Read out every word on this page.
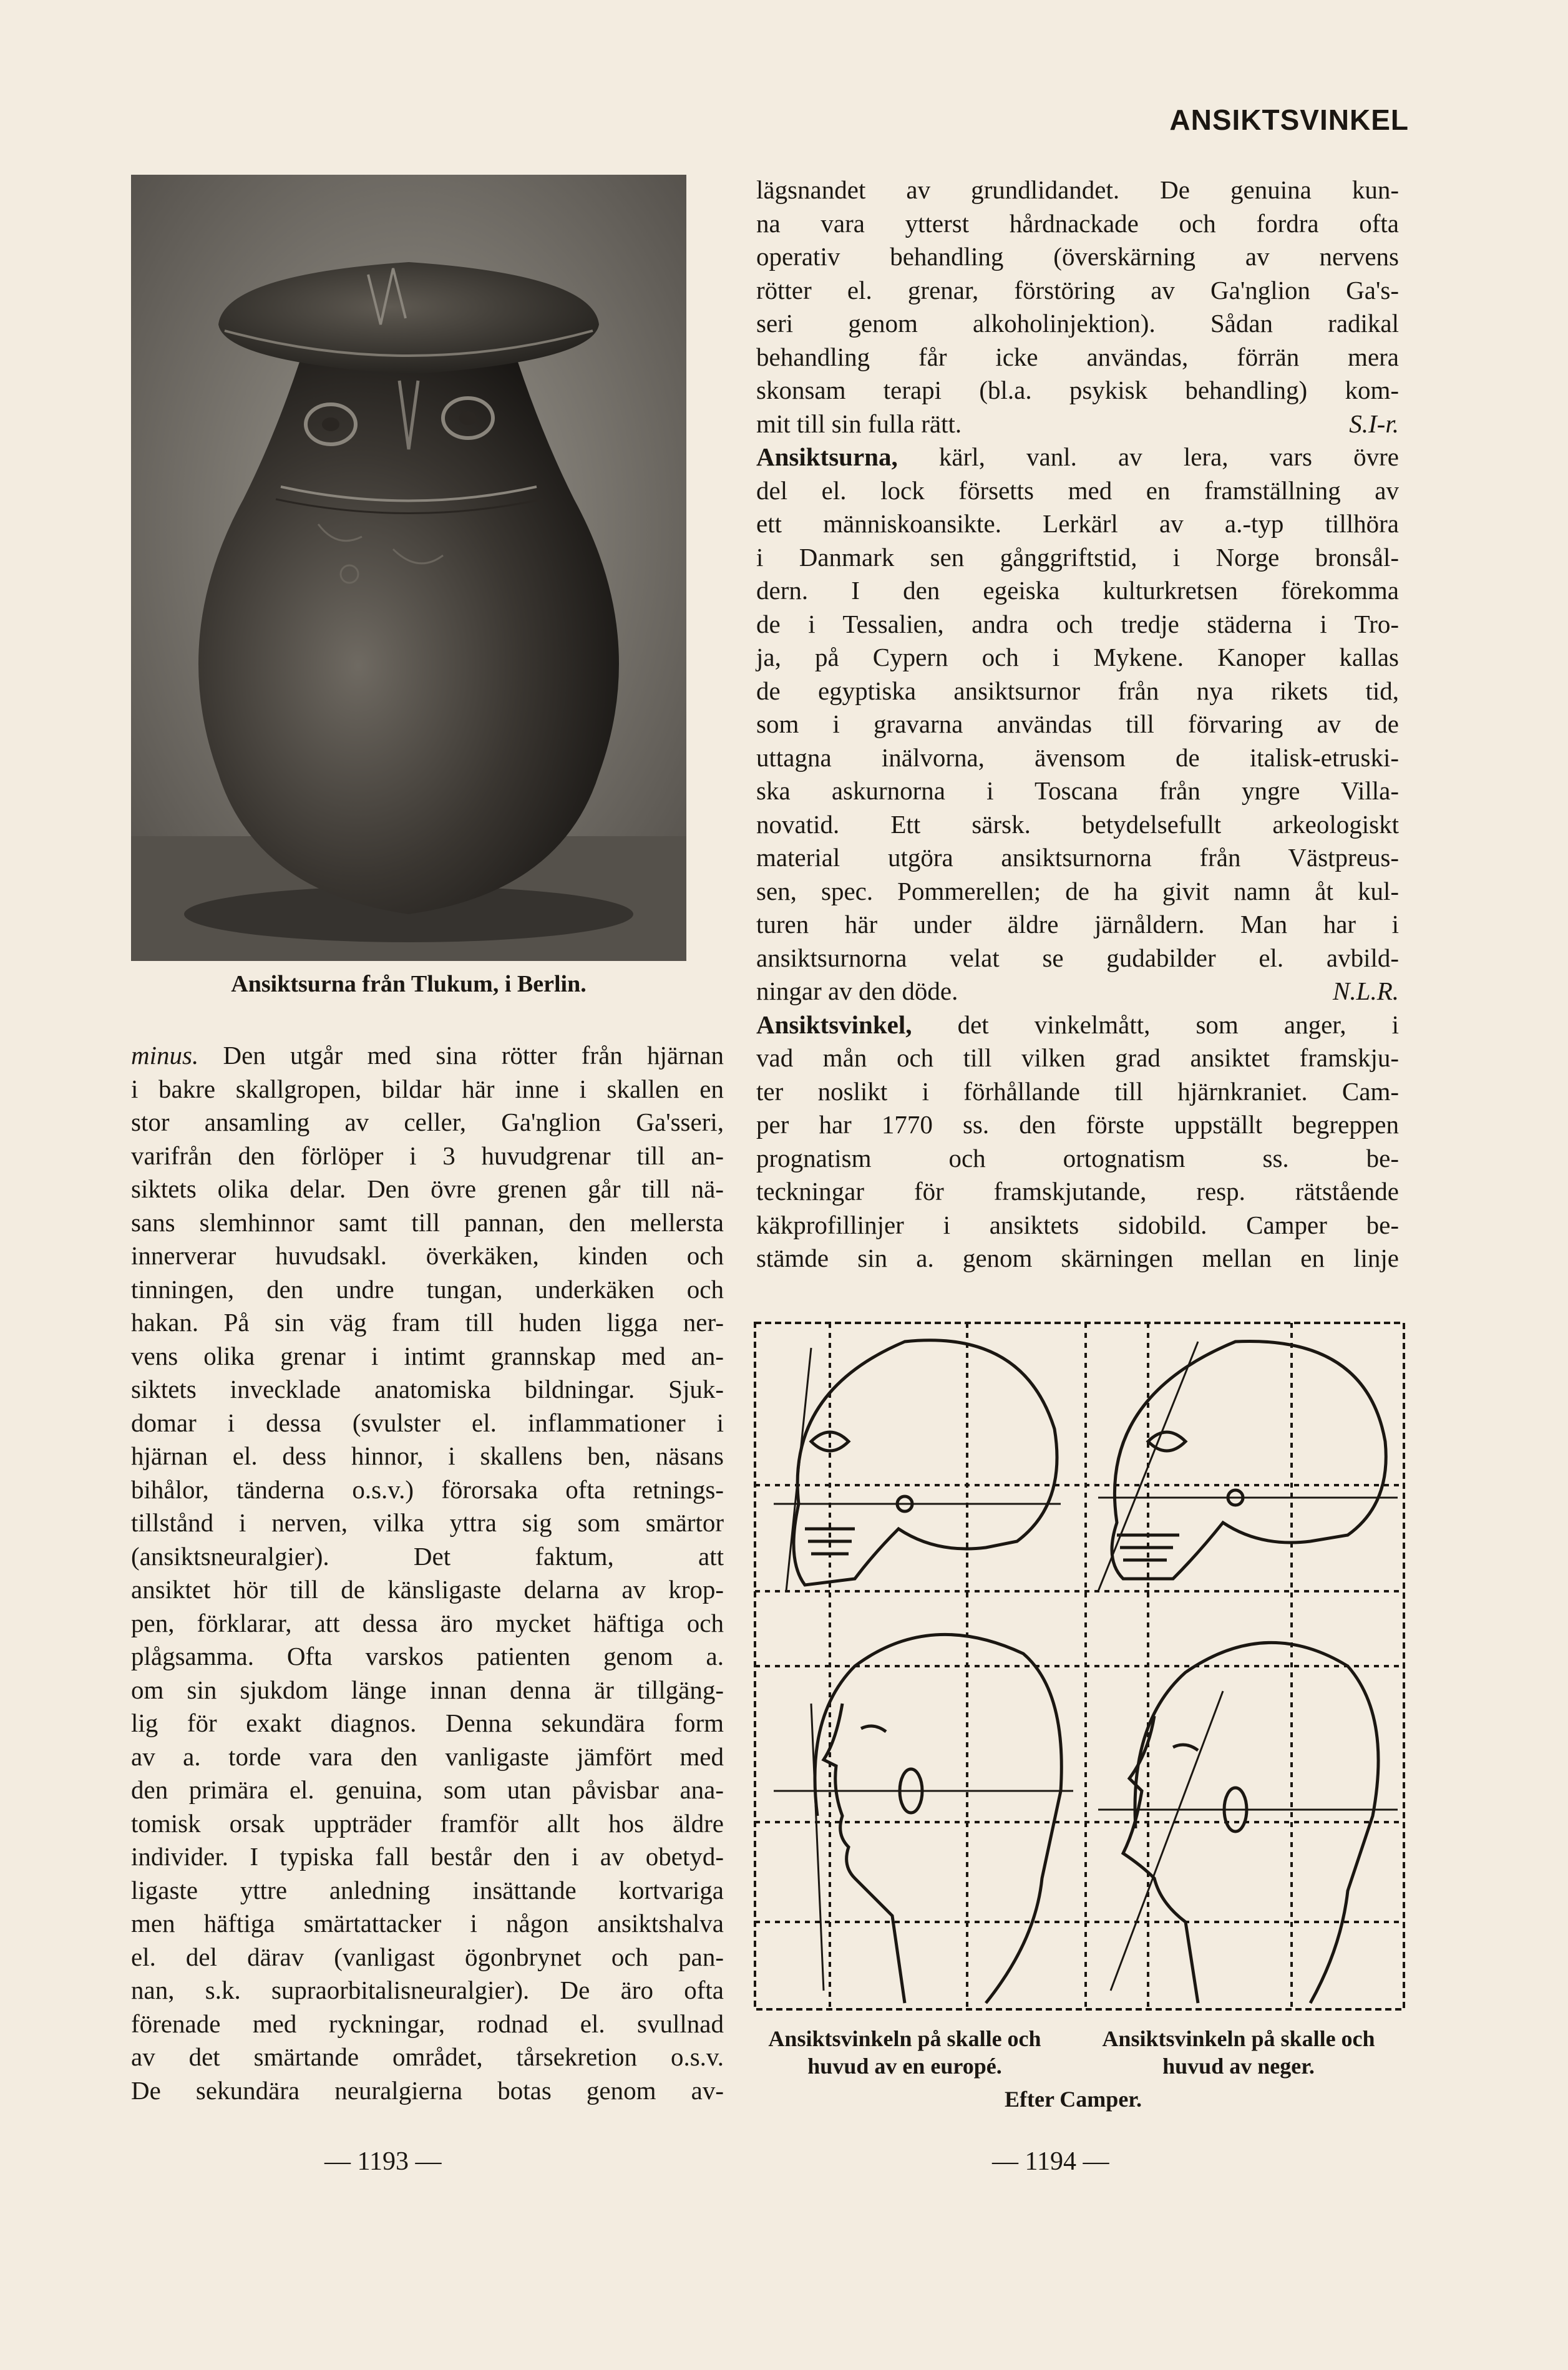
ANSIKTSVINKEL
Ansiktsurna från Tlukum, i Berlin.
minus. Den utgår med sina rötter från hjärnan
i bakre skallgropen, bildar här inne i skallen en
stor ansamling av celler, Ga'nglion Ga'sseri,
varifrån den förlöper i 3 huvudgrenar till an-
siktets olika delar. Den övre grenen går till nä-
sans slemhinnor samt till pannan, den mellersta
innerverar huvudsakl. överkäken, kinden och
tinningen, den undre tungan, underkäken och
hakan. På sin väg fram till huden ligga ner-
vens olika grenar i intimt grannskap med an-
siktets invecklade anatomiska bildningar. Sjuk-
domar i dessa (svulster el. inflammationer i
hjärnan el. dess hinnor, i skallens ben, näsans
bihålor, tänderna o.s.v.) förorsaka ofta retnings-
tillstånd i nerven, vilka yttra sig som smärtor
(ansiktsneuralgier). Det faktum, att
ansiktet hör till de känsligaste delarna av krop-
pen, förklarar, att dessa äro mycket häftiga och
plågsamma. Ofta varskos patienten genom a.
om sin sjukdom länge innan denna är tillgäng-
lig för exakt diagnos. Denna sekundära form
av a. torde vara den vanligaste jämfört med
den primära el. genuina, som utan påvisbar ana-
tomisk orsak uppträder framför allt hos äldre
individer. I typiska fall består den i av obetyd-
ligaste yttre anledning insättande kortvariga
men häftiga smärtattacker i någon ansiktshalva
el. del därav (vanligast ögonbrynet och pan-
nan, s.k. supraorbitalisneuralgier). De äro ofta
förenade med ryckningar, rodnad el. svullnad
av det smärtande området, tårsekretion o.s.v.
De sekundära neuralgierna botas genom av-
— 1193 —
lägsnandet av grundlidandet. De genuina kun-
na vara ytterst hårdnackade och fordra ofta
operativ behandling (överskärning av nervens
rötter el. grenar, förstöring av Ga'nglion Ga's-
seri genom alkoholinjektion). Sådan radikal
behandling får icke användas, förrän mera
skonsam terapi (bl.a. psykisk behandling) kom-
mit till sin fulla rätt.	S.I-r.
Ansiktsurna, kärl, vanl. av lera, vars övre
del el. lock försetts med en framställning av
ett människoansikte. Lerkärl av a.-typ tillhöra
i Danmark sen gånggriftstid, i Norge bronsål-
dern. I den egeiska kulturkretsen förekomma
de i Tessalien, andra och tredje städerna i Tro-
ja, på Cypern och i Mykene. Kanoper kallas
de egyptiska ansiktsurnor från nya rikets tid,
som i gravarna användas till förvaring av de
uttagna inälvorna, ävensom de italisk-etruski-
ska askurnorna i Toscana från yngre Villa-
novatid. Ett särsk. betydelsefullt arkeologiskt
material utgöra ansiktsurnorna från Västpreus-
sen, spec. Pommerellen; de ha givit namn åt kul-
turen här under äldre järnåldern. Man har i
ansiktsurnorna velat se gudabilder el. avbild-
ningar av den döde.	N.L.R.
Ansiktsvinkel, det vinkelmått, som anger, i
vad mån och till vilken grad ansiktet framskju-
ter noslikt i förhållande till hjärnkraniet. Cam-
per har 1770 ss. den förste uppställt begreppen
prognatism och ortognatism ss. be-
teckningar för framskjutande, resp. rätstående
käkprofillinjer i ansiktets sidobild. Camper be-
stämde sin a. genom skärningen mellan en linje
Ansiktsvinkeln på skalle och huvud av en europé.
Ansiktsvinkeln på skalle och huvud av neger.
Efter Camper.
— 1194 —
